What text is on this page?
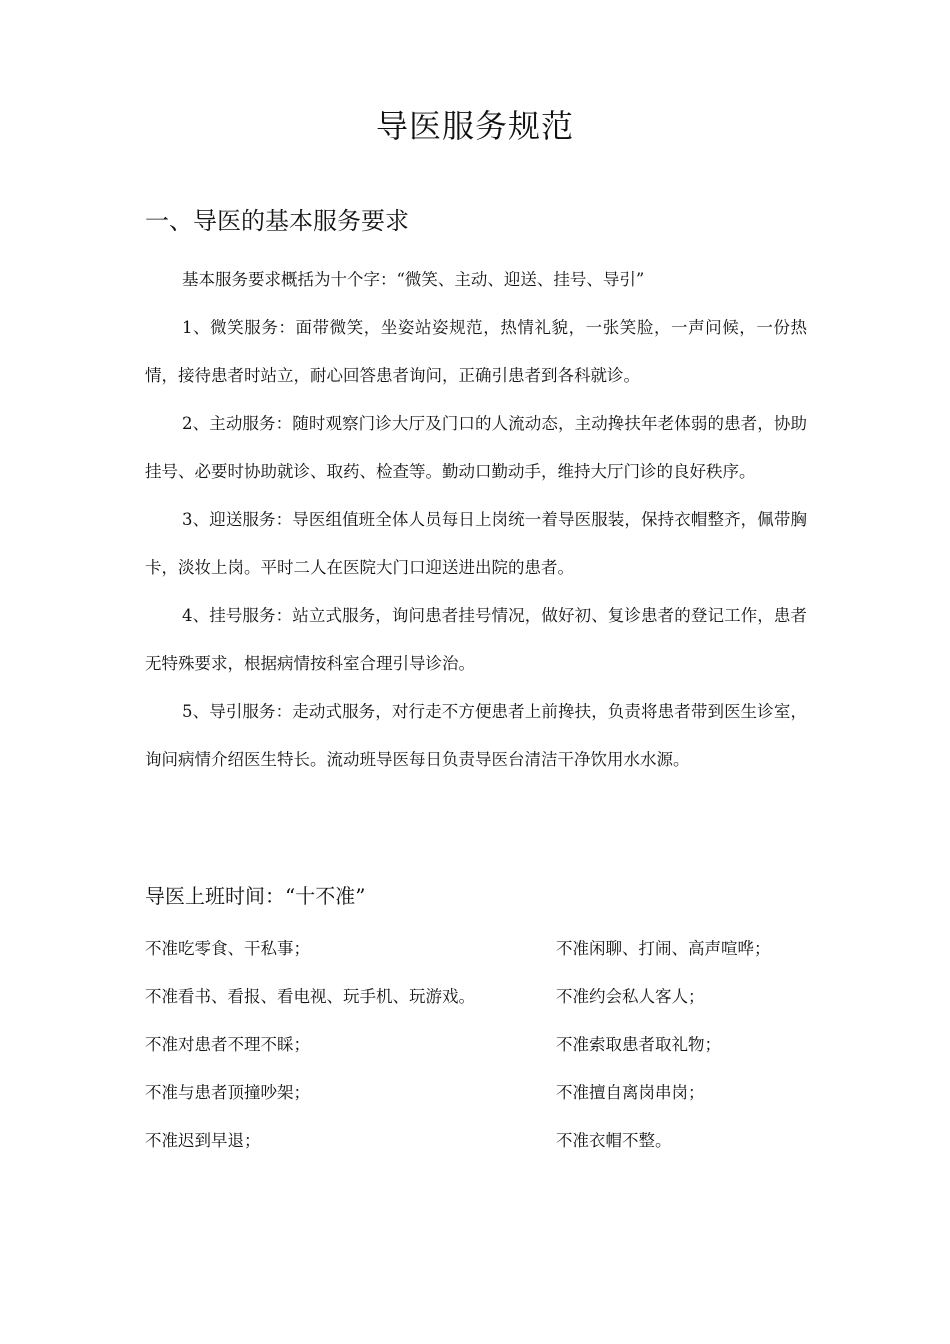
导医服务规范
一、导医的基本服务要求

基本服务要求概括为十个字：“微笑、主动、迎送、挂号、导引”

1、微笑服务：面带微笑，坐姿站姿规范，热情礼貌，一张笑脸，一声问候，一份热情，接待患者时站立，耐心回答患者询问，正确引患者到各科就诊。

2、主动服务：随时观察门诊大厅及门口的人流动态，主动搀扶年老体弱的患者，协助挂号、必要时协助就诊、取药、检查等。勤动口勤动手，维持大厅门诊的良好秩序。

3、迎送服务：导医组值班全体人员每日上岗统一着导医服装，保持衣帽整齐，佩带胸卡，淡妆上岗。平时二人在医院大门口迎送进出院的患者。

4、挂号服务：站立式服务，询问患者挂号情况，做好初、复诊患者的登记工作，患者无特殊要求，根据病情按科室合理引导诊治。

5、导引服务：走动式服务，对行走不方便患者上前搀扶，负责将患者带到医生诊室，询问病情介绍医生特长。流动班导医每日负责导医台清洁干净饮用水水源。

导医上班时间：“十不准”
不准吃零食、干私事；	不准闲聊、打闹、高声喧哗；
不准看书、看报、看电视、玩手机、玩游戏。	不准约会私人客人；
不准对患者不理不睬；	不准索取患者取礼物；
不准与患者顶撞吵架；	不准擅自离岗串岗；
不准迟到早退；	不准衣帽不整。
